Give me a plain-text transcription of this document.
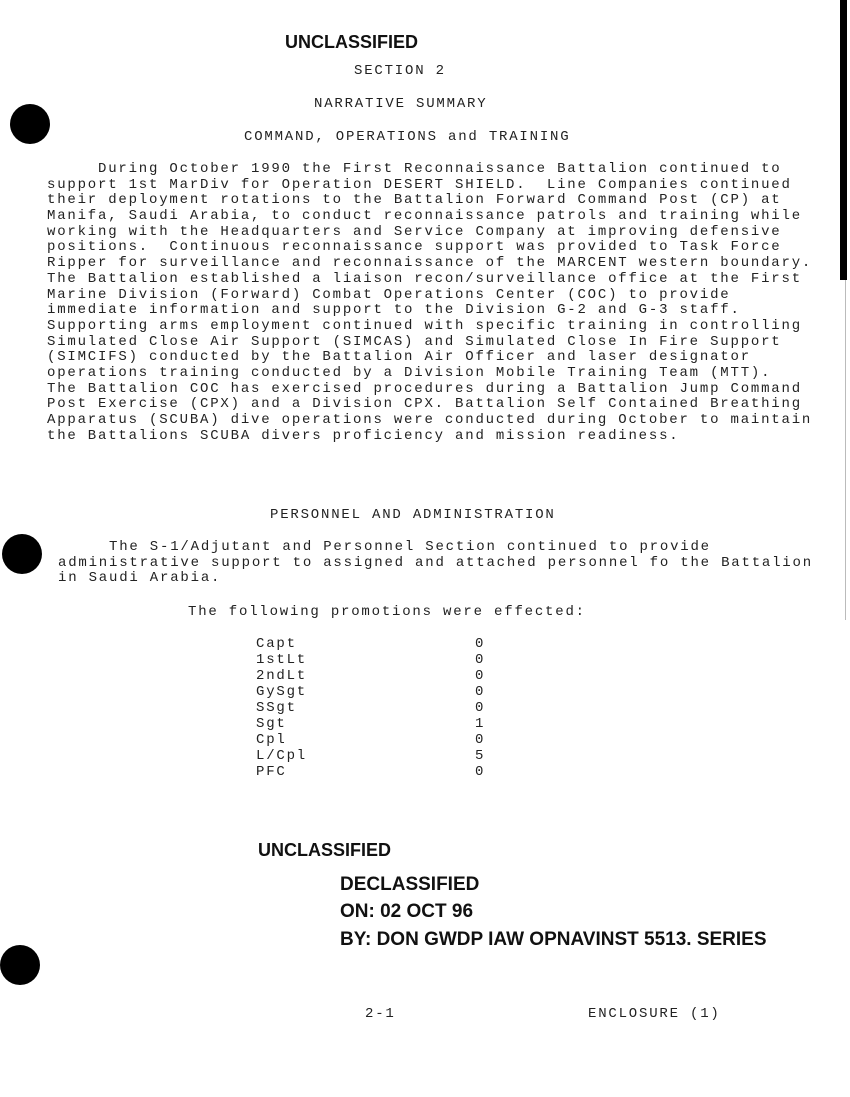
UNCLASSIFIED
SECTION 2
NARRATIVE SUMMARY
COMMAND, OPERATIONS and TRAINING
During October 1990 the First Reconnaissance Battalion continued to
support 1st MarDiv for Operation DESERT SHIELD.  Line Companies continued
their deployment rotations to the Battalion Forward Command Post (CP) at
Manifa, Saudi Arabia, to conduct reconnaissance patrols and training while
working with the Headquarters and Service Company at improving defensive
positions.  Continuous reconnaissance support was provided to Task Force
Ripper for surveillance and reconnaissance of the MARCENT western boundary.
The Battalion established a liaison recon/surveillance office at the First
Marine Division (Forward) Combat Operations Center (COC) to provide
immediate information and support to the Division G-2 and G-3 staff.
Supporting arms employment continued with specific training in controlling
Simulated Close Air Support (SIMCAS) and Simulated Close In Fire Support
(SIMCIFS) conducted by the Battalion Air Officer and laser designator
operations training conducted by a Division Mobile Training Team (MTT).
The Battalion COC has exercised procedures during a Battalion Jump Command
Post Exercise (CPX) and a Division CPX. Battalion Self Contained Breathing
Apparatus (SCUBA) dive operations were conducted during October to maintain
the Battalions SCUBA divers proficiency and mission readiness.
PERSONNEL AND ADMINISTRATION
The S-1/Adjutant and Personnel Section continued to provide
administrative support to assigned and attached personnel fo the Battalion
in Saudi Arabia.
The following promotions were effected:
Capt	0
1stLt	0
2ndLt	0
GySgt	0
SSgt	0
Sgt	1
Cpl	0
L/Cpl	5
PFC	0
UNCLASSIFIED
DECLASSIFIED
ON: 02 OCT 96
BY: DON GWDP IAW OPNAVINST 5513. SERIES
2-1	ENCLOSURE (1)
